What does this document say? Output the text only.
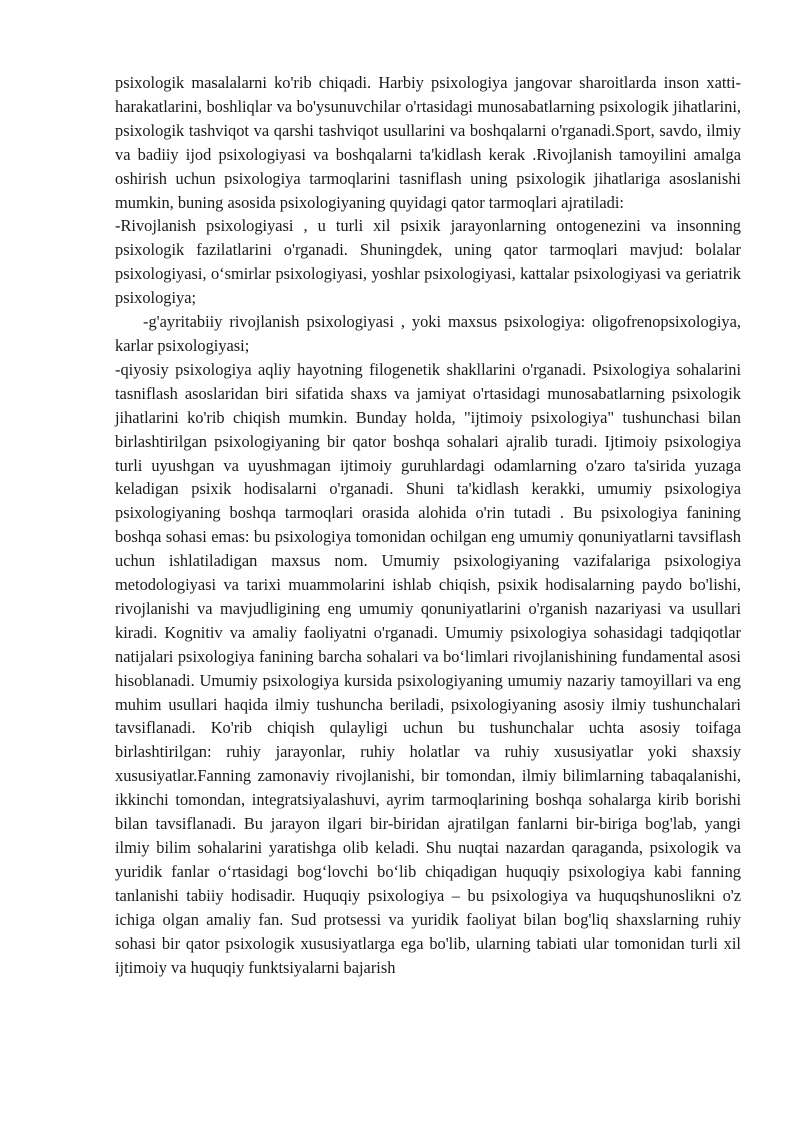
psixologik masalalarni ko'rib chiqadi. Harbiy psixologiya jangovar sharoitlarda inson xatti-harakatlarini, boshliqlar va bo'ysunuvchilar o'rtasidagi munosabatlarning psixologik jihatlarini, psixologik tashviqot va qarshi tashviqot usullarini va boshqalarni o'rganadi.Sport, savdo, ilmiy va badiiy ijod psixologiyasi va boshqalarni ta'kidlash kerak .Rivojlanish tamoyilini amalga oshirish uchun psixologiya tarmoqlarini tasniflash uning psixologik jihatlariga asoslanishi mumkin, buning asosida psixologiyaning quyidagi qator tarmoqlari ajratiladi:

-Rivojlanish psixologiyasi , u turli xil psixik jarayonlarning ontogenezini va insonning psixologik fazilatlarini o'rganadi. Shuningdek, uning qator tarmoqlari mavjud: bolalar psixologiyasi, o‘smirlar psixologiyasi, yoshlar psixologiyasi, kattalar psixologiyasi va geriatrik psixologiya;

-g'ayritabiiy rivojlanish psixologiyasi , yoki maxsus psixologiya: oligofrenopsixologiya, karlar psixologiyasi;

-qiyosiy psixologiya aqliy hayotning filogenetik shakllarini o'rganadi. Psixologiya sohalarini tasniflash asoslaridan biri sifatida shaxs va jamiyat o'rtasidagi munosabatlarning psixologik jihatlarini ko'rib chiqish mumkin. Bunday holda, "ijtimoiy psixologiya" tushunchasi bilan birlashtirilgan psixologiyaning bir qator boshqa sohalari ajralib turadi. Ijtimoiy psixologiya turli uyushgan va uyushmagan ijtimoiy guruhlardagi odamlarning o'zaro ta'sirida yuzaga keladigan psixik hodisalarni o'rganadi. Shuni ta'kidlash kerakki, umumiy psixologiya psixologiyaning boshqa tarmoqlari orasida alohida o'rin tutadi . Bu psixologiya fanining boshqa sohasi emas: bu psixologiya tomonidan ochilgan eng umumiy qonuniyatlarni tavsiflash uchun ishlatiladigan maxsus nom. Umumiy psixologiyaning vazifalariga psixologiya metodologiyasi va tarixi muammolarini ishlab chiqish, psixik hodisalarning paydo bo'lishi, rivojlanishi va mavjudligining eng umumiy qonuniyatlarini o'rganish nazariyasi va usullari kiradi. Kognitiv va amaliy faoliyatni o'rganadi. Umumiy psixologiya sohasidagi tadqiqotlar natijalari psixologiya fanining barcha sohalari va bo‘limlari rivojlanishining fundamental asosi hisoblanadi. Umumiy psixologiya kursida psixologiyaning umumiy nazariy tamoyillari va eng muhim usullari haqida ilmiy tushuncha beriladi, psixologiyaning asosiy ilmiy tushunchalari tavsiflanadi. Ko'rib chiqish qulayligi uchun bu tushunchalar uchta asosiy toifaga birlashtirilgan: ruhiy jarayonlar, ruhiy holatlar va ruhiy xususiyatlar yoki shaxsiy xususiyatlar.Fanning zamonaviy rivojlanishi, bir tomondan, ilmiy bilimlarning tabaqalanishi, ikkinchi tomondan, integratsiyalashuvi, ayrim tarmoqlarining boshqa sohalarga kirib borishi bilan tavsiflanadi. Bu jarayon ilgari bir-biridan ajratilgan fanlarni bir-biriga bog'lab, yangi ilmiy bilim sohalarini yaratishga olib keladi. Shu nuqtai nazardan qaraganda, psixologik va yuridik fanlar o‘rtasidagi bog‘lovchi bo‘lib chiqadigan huquqiy psixologiya kabi fanning tanlanishi tabiiy hodisadir. Huquqiy psixologiya – bu psixologiya va huquqshunoslikni o'z ichiga olgan amaliy fan. Sud protsessi va yuridik faoliyat bilan bog'liq shaxslarning ruhiy sohasi bir qator psixologik xususiyatlarga ega bo'lib, ularning tabiati ular tomonidan turli xil ijtimoiy va huquqiy funktsiyalarni bajarish
